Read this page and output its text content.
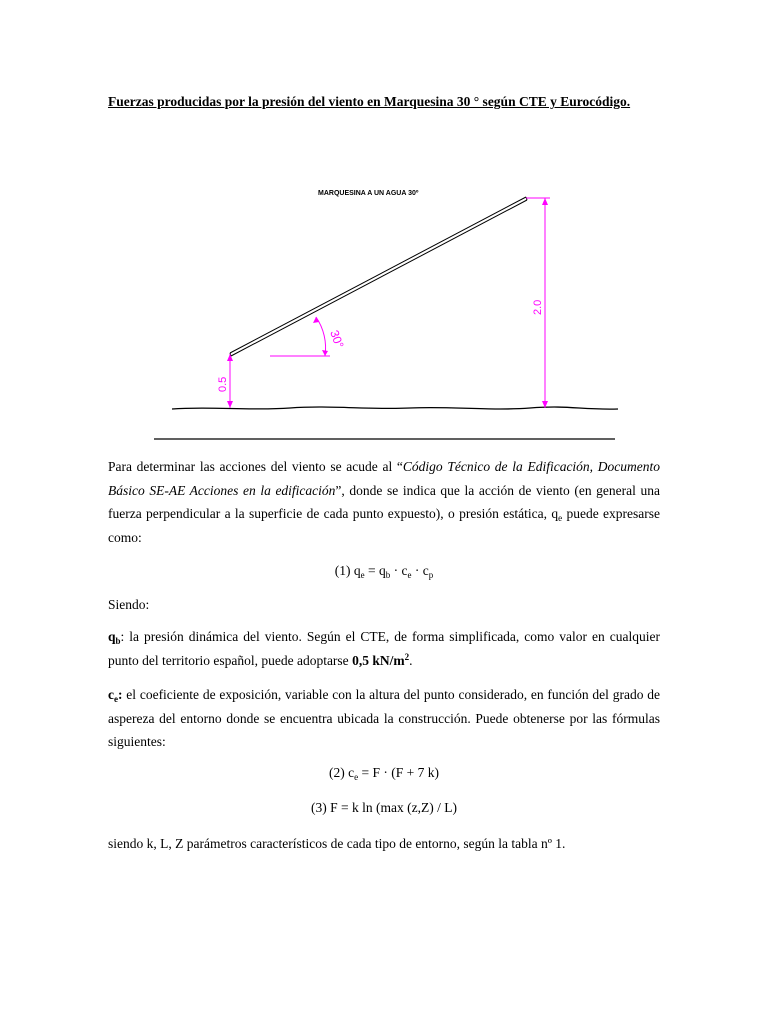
Fuerzas producidas por la presión del viento en Marquesina 30 ° según CTE y Eurocódigo.
MARQUESINA A UN AGUA 30º
30°
0.5
2.0
Para determinar las acciones del viento se acude al “Código Técnico de la Edificación, Documento Básico SE-AE Acciones en la edificación”, donde se indica que la acción de viento (en general una fuerza perpendicular a la superficie de cada punto expuesto), o presión estática, $q_e$ puede expresarse como:
(1) $q_e = q_b \cdot c_e \cdot c_p$
Siendo:
$q_b$: la presión dinámica del viento. Según el CTE, de forma simplificada, como valor en cualquier punto del territorio español, puede adoptarse 0,5 $kN/m^2$.
$c_e$: el coeficiente de exposición, variable con la altura del punto considerado, en función del grado de aspereza del entorno donde se encuentra ubicada la construcción. Puede obtenerse por las fórmulas siguientes:
(2) $c_e = F \cdot (F + 7$ k)
(3) F = k ln (max (z,Z) / L)
siendo k, L, Z parámetros característicos de cada tipo de entorno, según la tabla nº 1.
